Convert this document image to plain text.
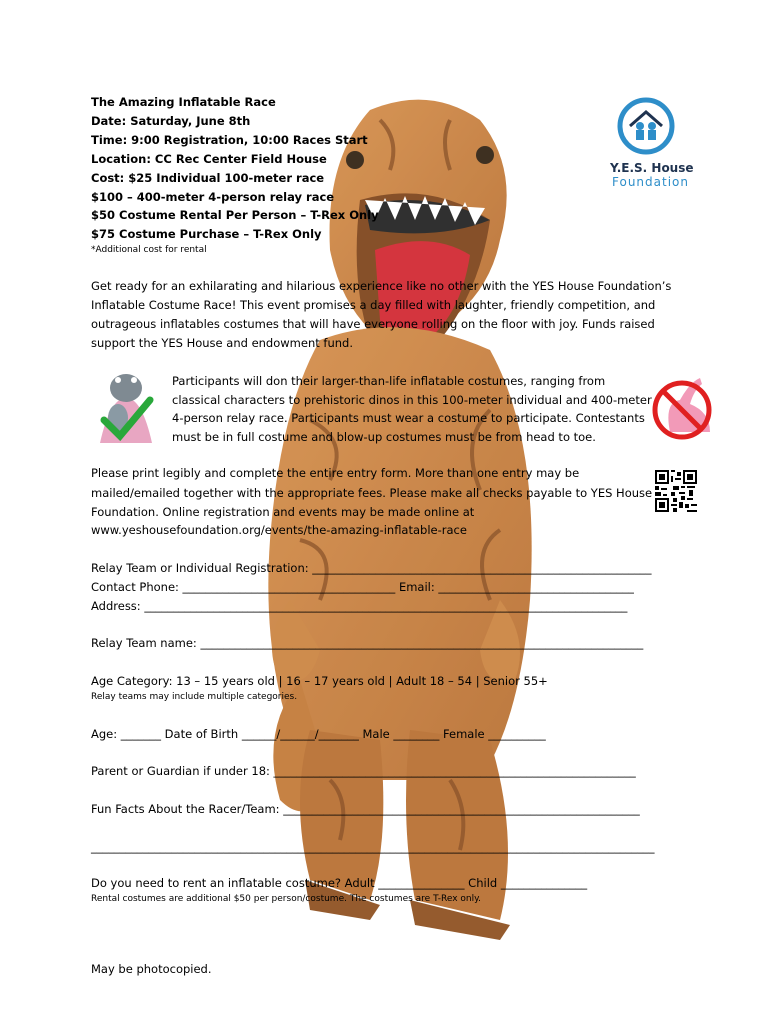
Y.E.S. House
Foundation
The Amazing Inflatable Race
Date: Saturday, June 8th
Time: 9:00 Registration, 10:00 Races Start
Location: CC Rec Center Field House
Cost: $25 Individual 100-meter race
$100 – 400-meter 4-person relay race
$50 Costume Rental Per Person – T-Rex Only
$75 Costume Purchase – T-Rex Only
*Additional cost for rental
Get ready for an exhilarating and hilarious experience like no other with the YES House Foundation’s
Inflatable Costume Race! This event promises a day filled with laughter, friendly competition, and
outrageous inflatables costumes that will have everyone rolling on the floor with joy. Funds raised
support the YES House and endowment fund.
Participants will don their larger-than-life inflatable costumes, ranging from
classical characters to prehistoric dinos in this 100-meter individual and 400-meter
4-person relay race. Participants must wear a costume to participate. Contestants
must be in full costume and blow-up costumes must be from head to toe.
Please print legibly and complete the entire entry form. More than one entry may be
mailed/emailed together with the appropriate fees. Please make all checks payable to YES House
Foundation. Online registration and events may be made online at
www.yeshousefoundation.org/events/the-amazing-inflatable-race
Relay Team or Individual Registration: ___________________________________________________________
Contact Phone: _____________________________________ Email: __________________________________
Address: ____________________________________________________________________________________
Relay Team name: _____________________________________________________________________________
Age Category: 13 – 15 years old | 16 – 17 years old | Adult 18 – 54 | Senior 55+
Relay teams may include multiple categories.
Age: _______ Date of Birth ______/______/_______ Male ________ Female __________
Parent or Guardian if under 18: _______________________________________________________________
Fun Facts About the Racer/Team: ______________________________________________________________
__________________________________________________________________________________________________
Do you need to rent an inflatable costume? Adult _______________ Child _______________
Rental costumes are additional $50 per person/costume. The costumes are T-Rex only.
May be photocopied.
